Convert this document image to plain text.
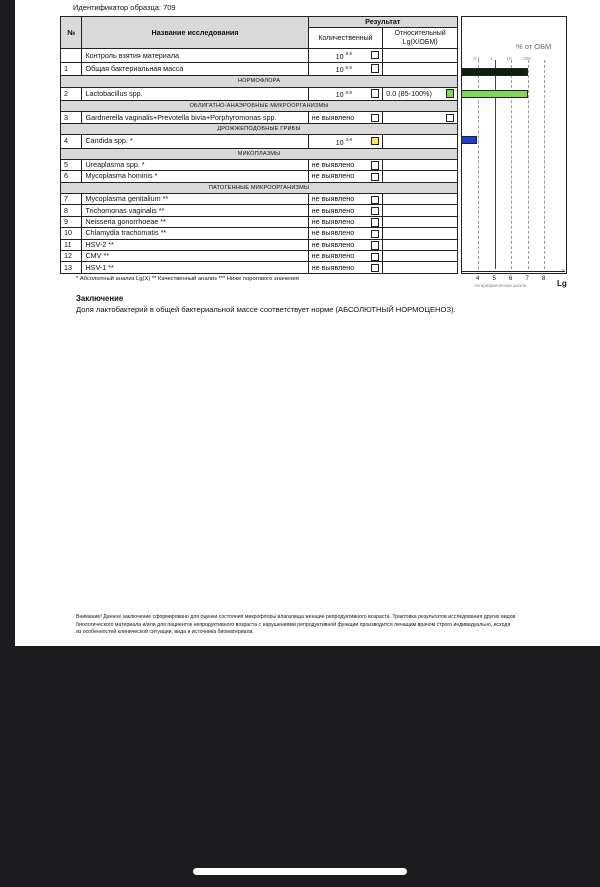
Идентификатор образца: 709
№	Название исследования	Результат	
		Количественный	Относительный Lg(X/ОБМ)
	Контроль взятия материала	10 $^{5.9}$

1	Общая бактериальная масса	10 $^{6.9}$

НОРМОФЛОРА			
2	Lactobacillus spp.	10 $^{6.9}$	0.0 (85-100%)

ОБЛИГАТНО-АНАЭРОБНЫЕ МИКРООРГАНИЗМЫ			
3	Gardnerella vaginalis+Prevotella bivia+Porphyromonas spp.	не выявлено

ДРОЖЖЕПОДОБНЫЕ ГРИБЫ			
4	Candida spp. *	10 $^{3.8}$

МИКОПЛАЗМЫ			
5	Ureaplasma spp. *	не выявлено

6	Mycoplasma hominis *	не выявлено

ПАТОГЕННЫЕ МИКРООРГАНИЗМЫ			
7	Mycoplasma genitalium **	не выявлено

8	Trichomonas vaginalis **	не выявлено

9	Neisseria gonorrhoeae **	не выявлено

10	Chlamydia trachomatis **	не выявлено

11	HSV-2 **	не выявлено

12	CMV **	не выявлено

13	HSV-1 **	не выявлено

% от ОБМ
4 5 6 7 8
0.1 1	10 100
›
Lg
логарифмическая шкала
* Абсолютный анализ Lg(X) ** Качественный анализ *** Ниже порогового значения
Заключение
Доля лактобактерий в общей бактериальной массе соответствует норме (АБСОЛЮТНЫЙ НОРМОЦЕНОЗ).
Внимание! Данное заключение сформировано для оценки состояния микрофлоры влагалища женщин репродуктивного возраста. Трактовка результатов исследования других видов биологического материала и/или для пациенток непродуктивного возраста с нарушениями репродуктивной функции производится лечащим врачом строго индивидуально, исходя из особенностей клинической ситуации, вида и источника биоматериала.
